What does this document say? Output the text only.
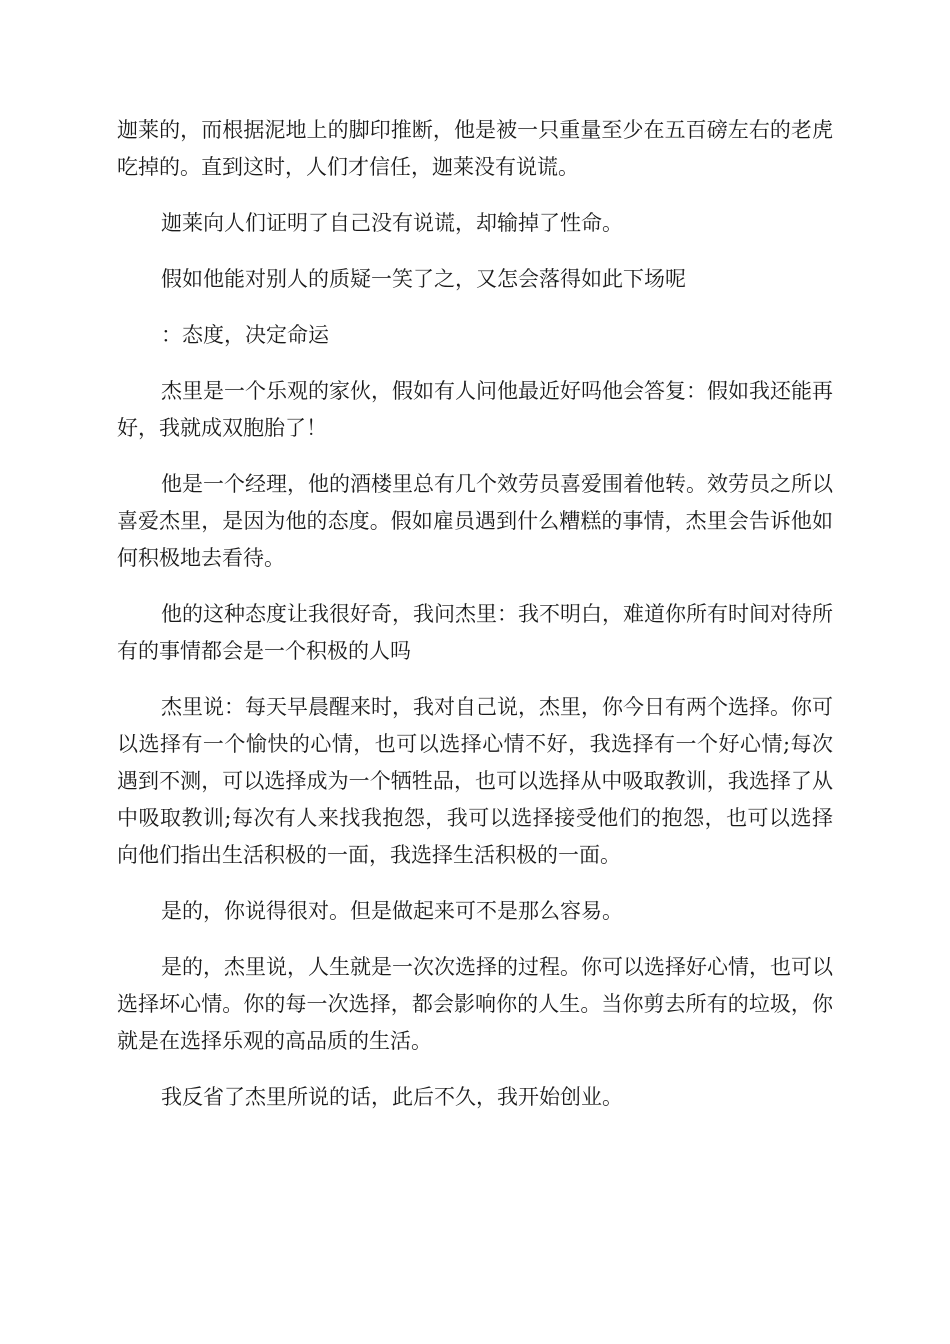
迦莱的，而根据泥地上的脚印推断，他是被一只重量至少在五百磅左右的老虎吃掉的。直到这时，人们才信任，迦莱没有说谎。

迦莱向人们证明了自己没有说谎，却输掉了性命。

假如他能对别人的质疑一笑了之，又怎会落得如此下场呢

：态度，决定命运

杰里是一个乐观的家伙，假如有人问他最近好吗他会答复：假如我还能再好，我就成双胞胎了！

他是一个经理，他的酒楼里总有几个效劳员喜爱围着他转。效劳员之所以喜爱杰里，是因为他的态度。假如雇员遇到什么糟糕的事情，杰里会告诉他如何积极地去看待。

他的这种态度让我很好奇，我问杰里：我不明白，难道你所有时间对待所有的事情都会是一个积极的人吗

杰里说：每天早晨醒来时，我对自己说，杰里，你今日有两个选择。你可以选择有一个愉快的心情，也可以选择心情不好，我选择有一个好心情;每次遇到不测，可以选择成为一个牺牲品，也可以选择从中吸取教训，我选择了从中吸取教训;每次有人来找我抱怨，我可以选择接受他们的抱怨，也可以选择向他们指出生活积极的一面，我选择生活积极的一面。

是的，你说得很对。但是做起来可不是那么容易。

是的，杰里说，人生就是一次次选择的过程。你可以选择好心情，也可以选择坏心情。你的每一次选择，都会影响你的人生。当你剪去所有的垃圾，你就是在选择乐观的高品质的生活。

我反省了杰里所说的话，此后不久，我开始创业。
